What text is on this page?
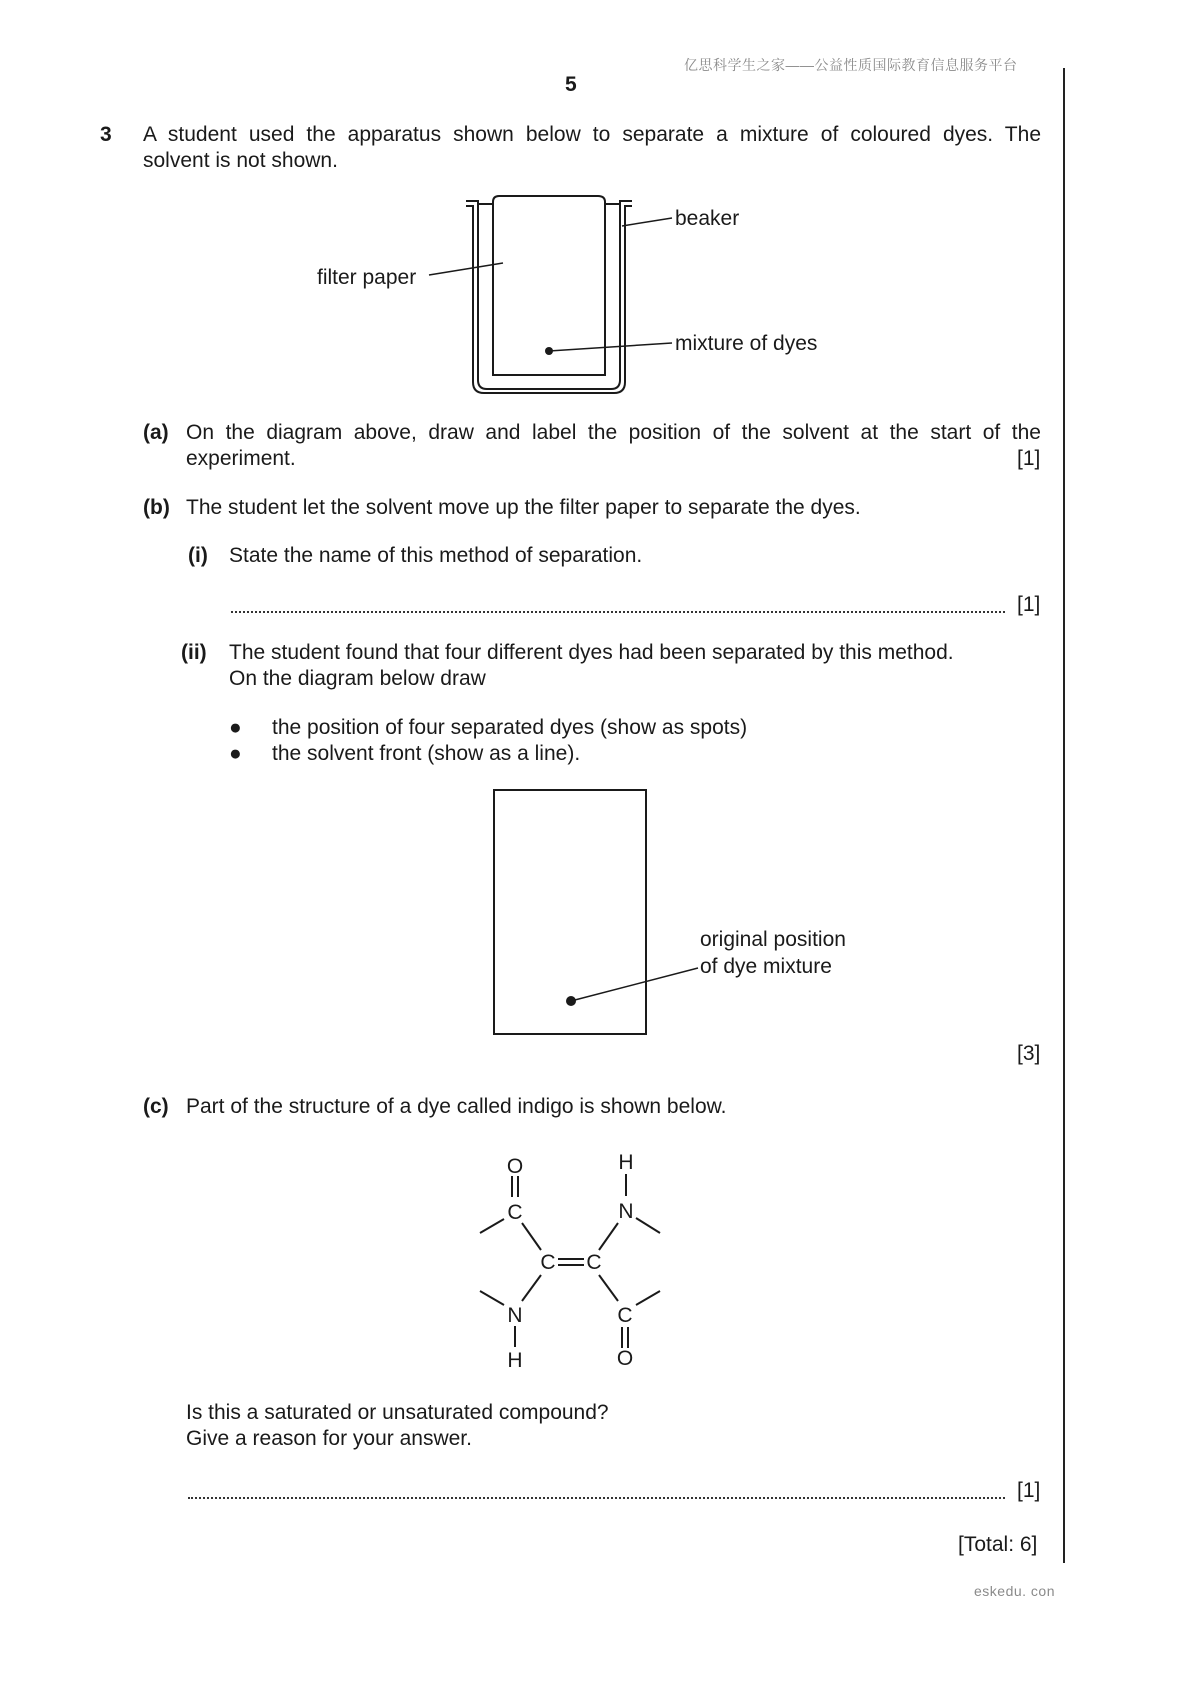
亿思科学生之家——公益性质国际教育信息服务平台
5
3 A student used the apparatus shown below to separate a mixture of coloured dyes. The
solvent is not shown.
beaker
filter paper
mixture of dyes
(a) On the diagram above, draw and label the position of the solvent at the start of the
experiment.	[1]
(b) The student let the solvent move up the filter paper to separate the dyes.
(i) State the name of this method of separation.
[1]
(ii) The student found that four different dyes had been separated by this method.
On the diagram below draw
● the position of four separated dyes (show as spots)
● the solvent front (show as a line).
original position
of dye mixture
[3]
(c) Part of the structure of a dye called indigo is shown below.
O
C
H
N
C C
N
H
C
O
Is this a saturated or unsaturated compound?
Give a reason for your answer.
[1]
[Total: 6]
eskedu. con
